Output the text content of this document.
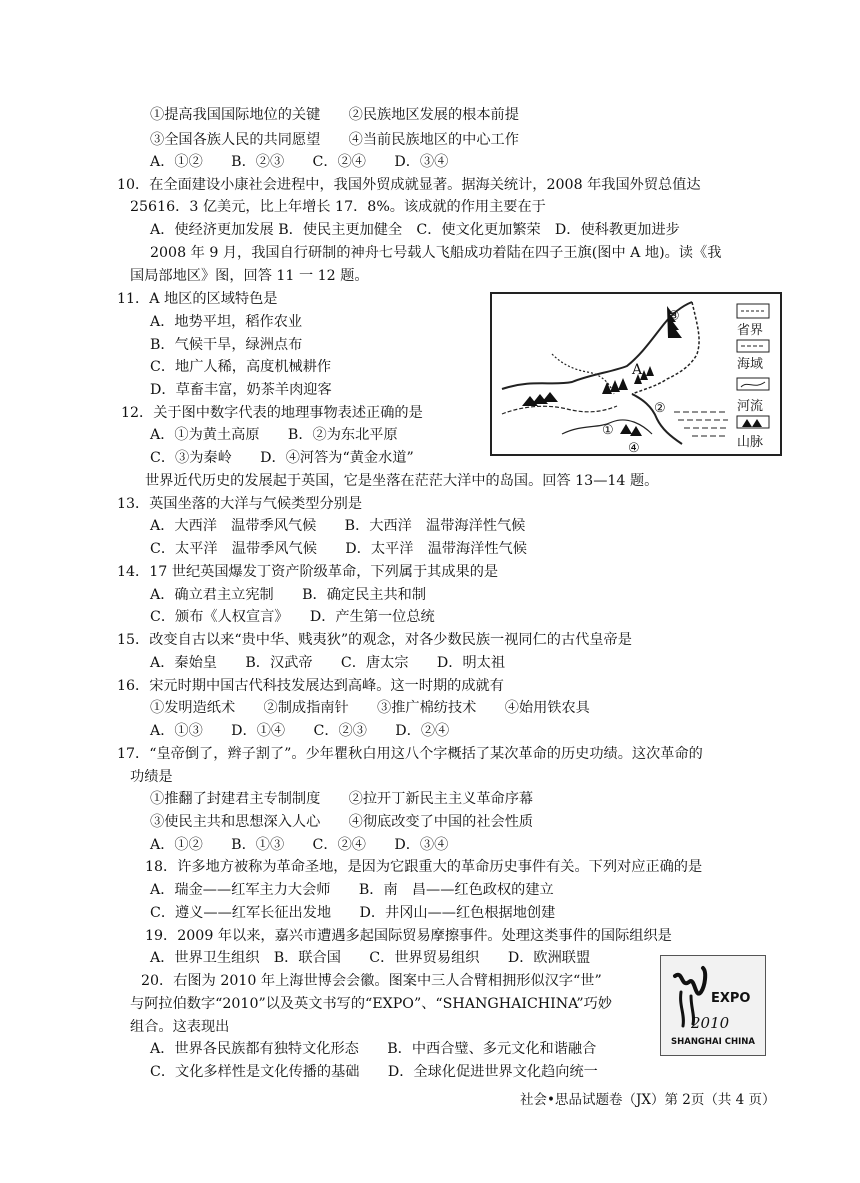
①提高我国国际地位的关键　　②民族地区发展的根本前提
③全国各族人民的共同愿望　　④当前民族地区的中心工作
A．①②　　B．②③　　C．②④　　D．③④
10．在全面建设小康社会进程中，我国外贸成就显著。据海关统计，2008 年我国外贸总值达
25616．3 亿美元，比上年增长 17．8%。该成就的作用主要在于
A．使经济更加发展 B．使民主更加健全　C．使文化更加繁荣　D．使科教更加进步
2008 年 9 月，我国自行研制的神舟七号载人飞船成功着陆在四子王旗(图中 A 地)。读《我
国局部地区》图，回答 11 一 12 题。
11．A 地区的区域特色是
A．地势平坦，稻作农业
B．气候干旱，绿洲点布
C．地广人稀，高度机械耕作
D．草畜丰富，奶茶羊肉迎客
12．关于图中数字代表的地理事物表述正确的是
A．①为黄土高原　　B．②为东北平原
C．③为秦岭　　D．④河答为“黄金水道”
世界近代历史的发展起于英国，它是坐落在茫茫大洋中的岛国。回答 13—14 题。
13．英国坐落的大洋与气候类型分别是
A．大西洋　温带季风气候　　B．大西洋　温带海洋性气候
C．太平洋　温带季风气候　　D．太平洋　温带海洋性气候
14．17 世纪英国爆发丁资产阶级革命，下列属于其成果的是
A．确立君主立宪制　　B．确定民主共和制
C．颁布《人权宣言》　　D．产生第一位总统
15．改变自古以来“贵中华、贱夷狄”的观念，对各少数民族一视同仁的古代皇帝是
A．秦始皇　　B．汉武帝　　C．唐太宗　　D．明太祖
16．宋元时期中国古代科技发展达到高峰。这一时期的成就有
①发明造纸术　　②制成指南针　　③推广棉纺技术　　④始用铁农具
A．①③　　D．①④　　C．②③　　D．②④
17．“皇帝倒了，辫子割了”。少年瞿秋白用这八个字概括了某次革命的历史功绩。这次革命的
功绩是
①推翻了封建君主专制制度　　②拉开丁新民主主义革命序幕
③使民主共和思想深入人心　　④彻底改变了中国的社会性质
A．①②　　B．①③　　C．②④　　D．③④
18．许多地方被称为革命圣地，是因为它跟重大的革命历史事件有关。下列对应正确的是
A．瑞金——红军主力大会师　　B．南　昌——红色政权的建立
C．遵义——红军长征出发地　　D．井冈山——红色根据地创建
19．2009 年以来，嘉兴市遭遇多起国际贸易摩擦事件。处理这类事件的国际组织是
A．世界卫生组织　B．联合国　　C．世界贸易组织　　D．欧洲联盟
20．右图为 2010 年上海世博会会徽。图案中三人合臂相拥形似汉字“世”
与阿拉伯数字“2010”以及英文书写的“EXPO”、“SHANGHAICHINA”巧妙
组合。这表现出
A．世界各民族都有独特文化形态　　B．中西合璧、多元文化和谐融合
C．文化多样性是文化传播的基础　　D．全球化促进世界文化趋向统一
社会•思品试题卷（JX）第 2页（共 4 页）
③
②
①
④
A
省界
海域
河流
山脉
EXPO
2010
SHANGHAI CHINA
